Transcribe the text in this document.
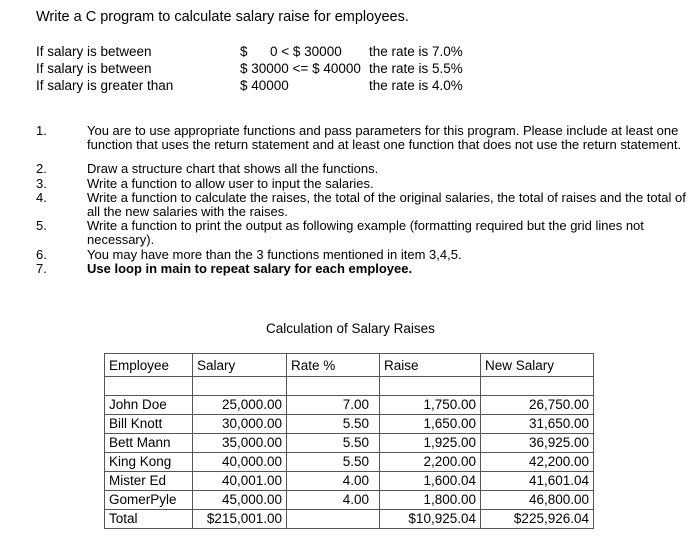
Write a C program to calculate salary raise for employees.
If salary is between	$      0 < $ 30000 the rate is 7.0%
If salary is between	$ 30000 <= $ 40000 the rate is 5.5%
If salary is greater than	$ 40000	the rate is 4.0%
1.	You are to use appropriate functions and pass parameters for this program. Please include at least one function that uses the return statement and at least one function that does not use the return statement.
2.	Draw a structure chart that shows all the functions.
3.	Write a function to allow user to input the salaries.
4.	Write a function to calculate the raises, the total of the original salaries, the total of raises and the total of all the new salaries with the raises.
5.	Write a function to print the output as following example (formatting required but the grid lines not necessary).
6.	You may have more than the 3 functions mentioned in item 3,4,5.
7.	Use loop in main to repeat salary for each employee.
Calculation of Salary Raises
Employee	Salary	Rate %	Raise	New Salary

John Doe	25,000.00	7.00	1,750.00	26,750.00
Bill Knott	30,000.00	5.50	1,650.00	31,650.00
Bett Mann	35,000.00	5.50	1,925.00	36,925.00
King Kong	40,000.00	5.50	2,200.00	42,200.00
Mister Ed	40,001.00	4.00	1,600.04	41,601.04
GomerPyle	45,000.00	4.00	1,800.00	46,800.00
Total	$215,001.00		$10,925.04	$225,926.04
